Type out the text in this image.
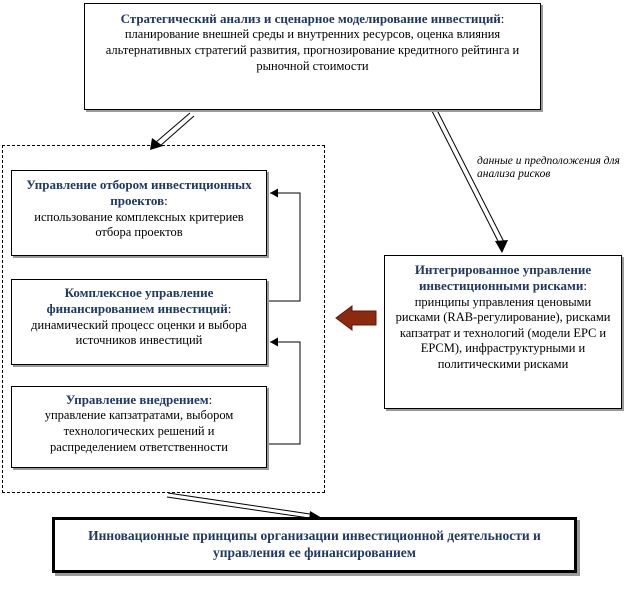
Стратегический анализ и сценарное моделирование инвестиций:
планирование внешней среды и внутренних ресурсов, оценка влияния альтернативных стратегий развития, прогнозирование кредитного рейтинга и рыночной стоимости
Управление отбором инвестиционных проектов:
использование комплексных критериев отбора проектов
Комплексное управление финансированием инвестиций:
динамический процесс оценки и выбора источников инвестиций
Управление внедрением:
управление капзатратами, выбором технологических решений и распределением ответственности
данные и предположения для анализа рисков
Интегрированное управление инвестиционными рисками:
принципы управления ценовыми рисками (RAB-регулирование), рисками капзатрат и технологий (модели EPC и EPCM), инфраструктурными и политическими рисками
Инновационные принципы организации инвестиционной деятельности и управления ее финансированием
